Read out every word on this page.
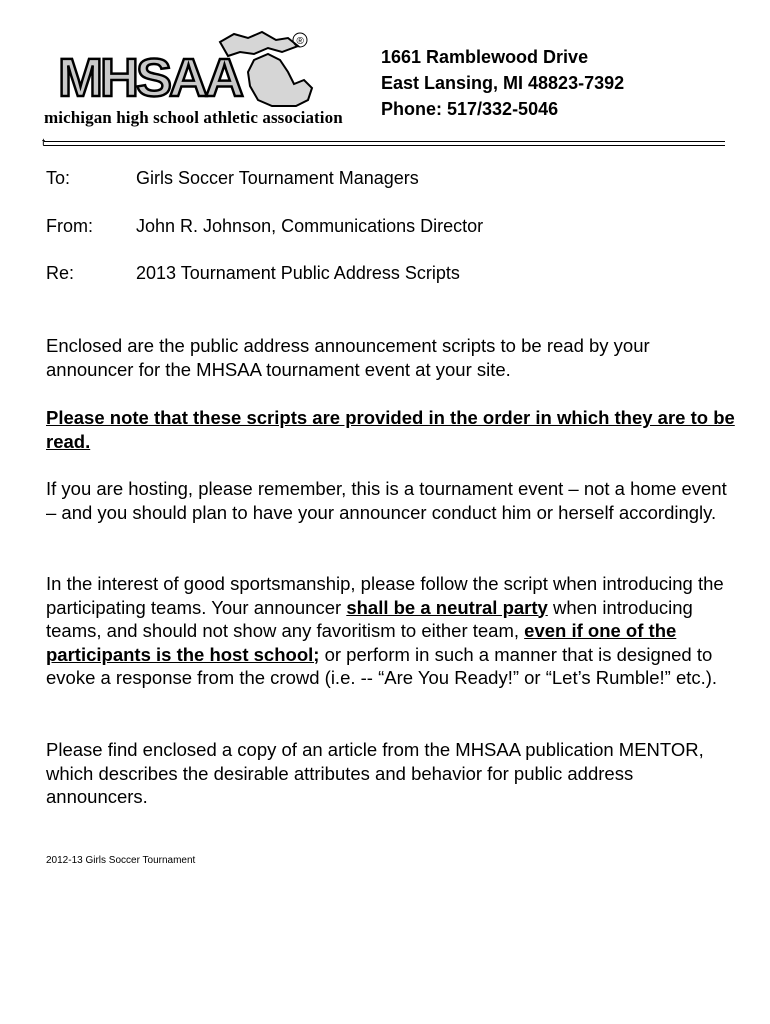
®
MHSAA
michigan high school athletic association
t
1661 Ramblewood Drive
East Lansing, MI 48823-7392
Phone: 517/332-5046
To:	Girls Soccer Tournament Managers
From: John R. Johnson, Communications Director
Re:	2013 Tournament Public Address Scripts
Enclosed are the public address announcement scripts to be read by your announcer for the MHSAA tournament event at your site.
Please note that these scripts are provided in the order in which they are to be read.
If you are hosting, please remember, this is a tournament event – not a home event – and you should plan to have your announcer conduct him or herself accordingly.
In the interest of good sportsmanship, please follow the script when introducing the participating teams. Your announcer shall be a neutral party when introducing teams, and should not show any favoritism to either team, even if one of the participants is the host school; or perform in such a manner that is designed to evoke a response from the crowd (i.e. -- “Are You Ready!” or “Let’s Rumble!” etc.).
Please find enclosed a copy of an article from the MHSAA publication MENTOR, which describes the desirable attributes and behavior for public address announcers.
2012-13 Girls Soccer Tournament
